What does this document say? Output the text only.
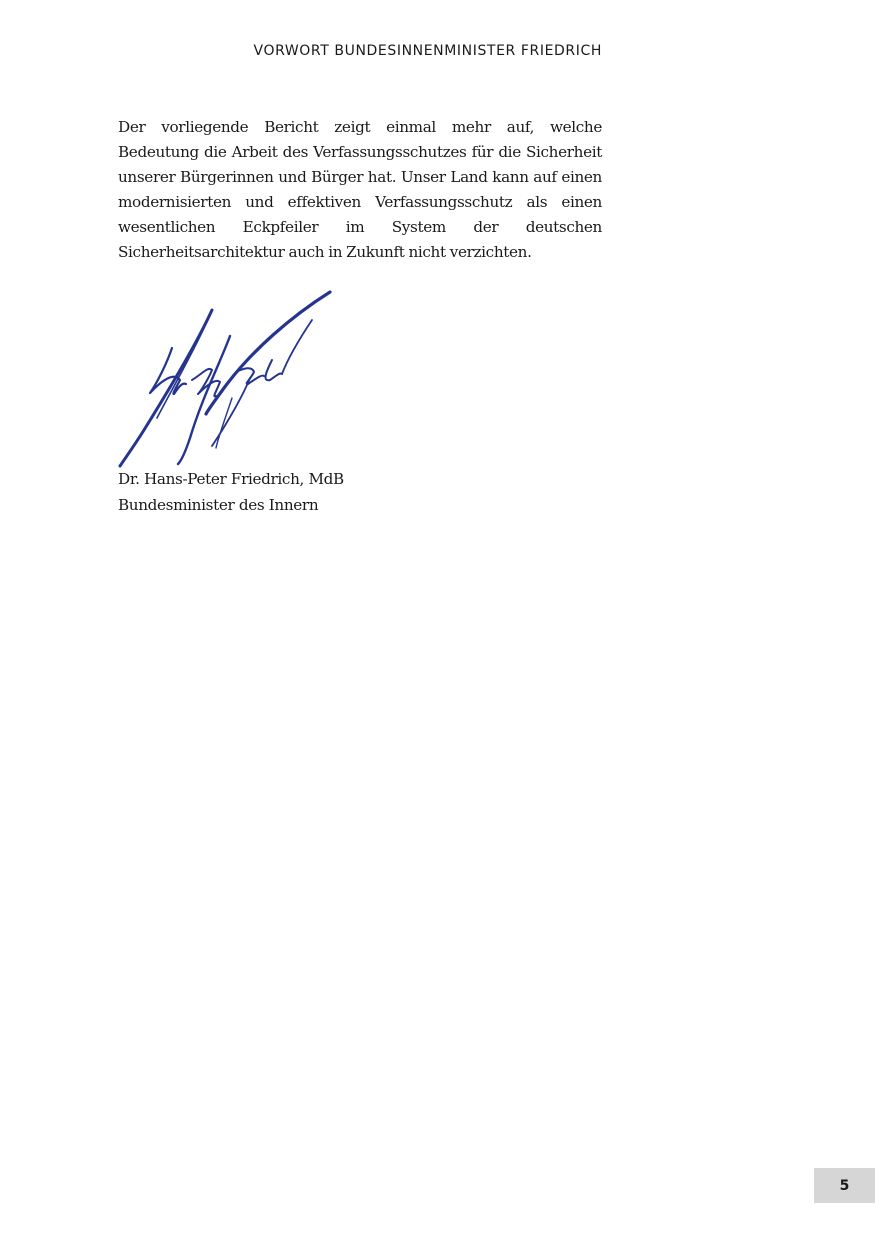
VORWORT BUNDESINNENMINISTER FRIEDRICH

Der vorliegende Bericht zeigt einmal mehr auf, welche Bedeutung die Arbeit des Verfassungsschutzes für die Sicherheit unserer Bürgerinnen und Bürger hat. Unser Land kann auf einen modernisierten und effektiven Verfassungsschutz als einen wesentlichen Eckpfeiler im System der deutschen Sicherheitsarchitektur auch in Zukunft nicht verzichten.

Dr. Hans-Peter Friedrich, MdB
Bundesminister des Innern
5
